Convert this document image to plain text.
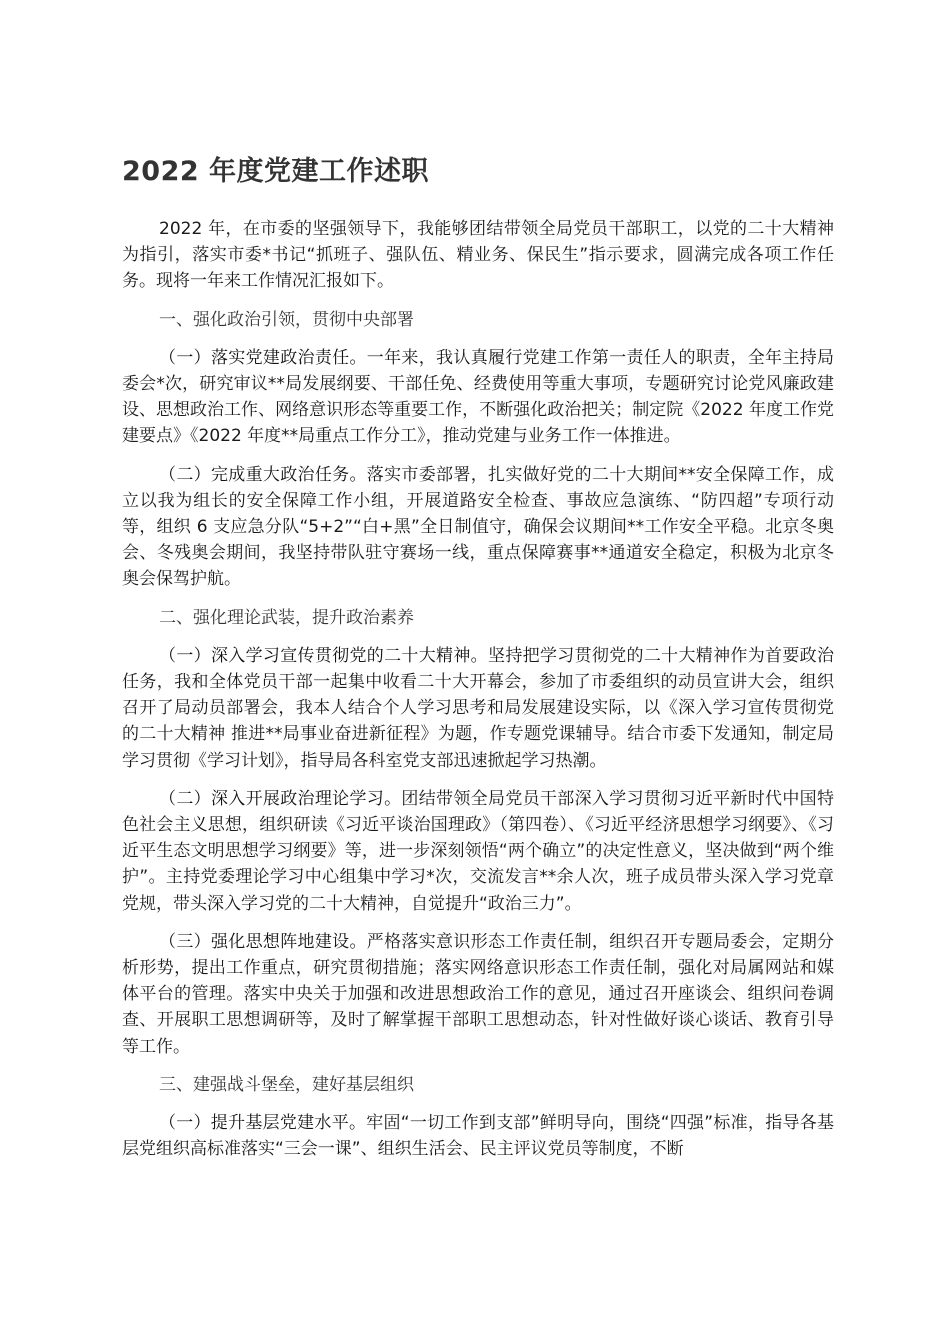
2022 年度党建工作述职

2022 年，在市委的坚强领导下，我能够团结带领全局党员干部职工，以党的二十大精神为指引，落实市委*书记“抓班子、强队伍、精业务、保民生”指示要求，圆满完成各项工作任务。现将一年来工作情况汇报如下。

一、强化政治引领，贯彻中央部署

（一）落实党建政治责任。一年来，我认真履行党建工作第一责任人的职责，全年主持局委会*次，研究审议**局发展纲要、干部任免、经费使用等重大事项，专题研究讨论党风廉政建设、思想政治工作、网络意识形态等重要工作，不断强化政治把关；制定院《2022 年度工作党建要点》《2022 年度**局重点工作分工》，推动党建与业务工作一体推进。

（二）完成重大政治任务。落实市委部署，扎实做好党的二十大期间**安全保障工作，成立以我为组长的安全保障工作小组，开展道路安全检查、事故应急演练、“防四超”专项行动等，组织 6 支应急分队“5+2”“白+黑”全日制值守，确保会议期间**工作安全平稳。北京冬奥会、冬残奥会期间，我坚持带队驻守赛场一线，重点保障赛事**通道安全稳定，积极为北京冬奥会保驾护航。

二、强化理论武装，提升政治素养

（一）深入学习宣传贯彻党的二十大精神。坚持把学习贯彻党的二十大精神作为首要政治任务，我和全体党员干部一起集中收看二十大开幕会，参加了市委组织的动员宣讲大会，组织召开了局动员部署会，我本人结合个人学习思考和局发展建设实际，以《深入学习宣传贯彻党的二十大精神 推进**局事业奋进新征程》为题，作专题党课辅导。结合市委下发通知，制定局学习贯彻《学习计划》，指导局各科室党支部迅速掀起学习热潮。

（二）深入开展政治理论学习。团结带领全局党员干部深入学习贯彻习近平新时代中国特色社会主义思想，组织研读《习近平谈治国理政》（第四卷）、《习近平经济思想学习纲要》、《习近平生态文明思想学习纲要》等，进一步深刻领悟“两个确立”的决定性意义，坚决做到“两个维护”。主持党委理论学习中心组集中学习*次，交流发言**余人次，班子成员带头深入学习党章党规，带头深入学习党的二十大精神，自觉提升“政治三力”。

（三）强化思想阵地建设。严格落实意识形态工作责任制，组织召开专题局委会，定期分析形势，提出工作重点，研究贯彻措施；落实网络意识形态工作责任制，强化对局属网站和媒体平台的管理。落实中央关于加强和改进思想政治工作的意见，通过召开座谈会、组织问卷调查、开展职工思想调研等，及时了解掌握干部职工思想动态，针对性做好谈心谈话、教育引导等工作。

三、建强战斗堡垒，建好基层组织

（一）提升基层党建水平。牢固“一切工作到支部”鲜明导向，围绕“四强”标准，指导各基层党组织高标准落实“三会一课”、组织生活会、民主评议党员等制度，不断
